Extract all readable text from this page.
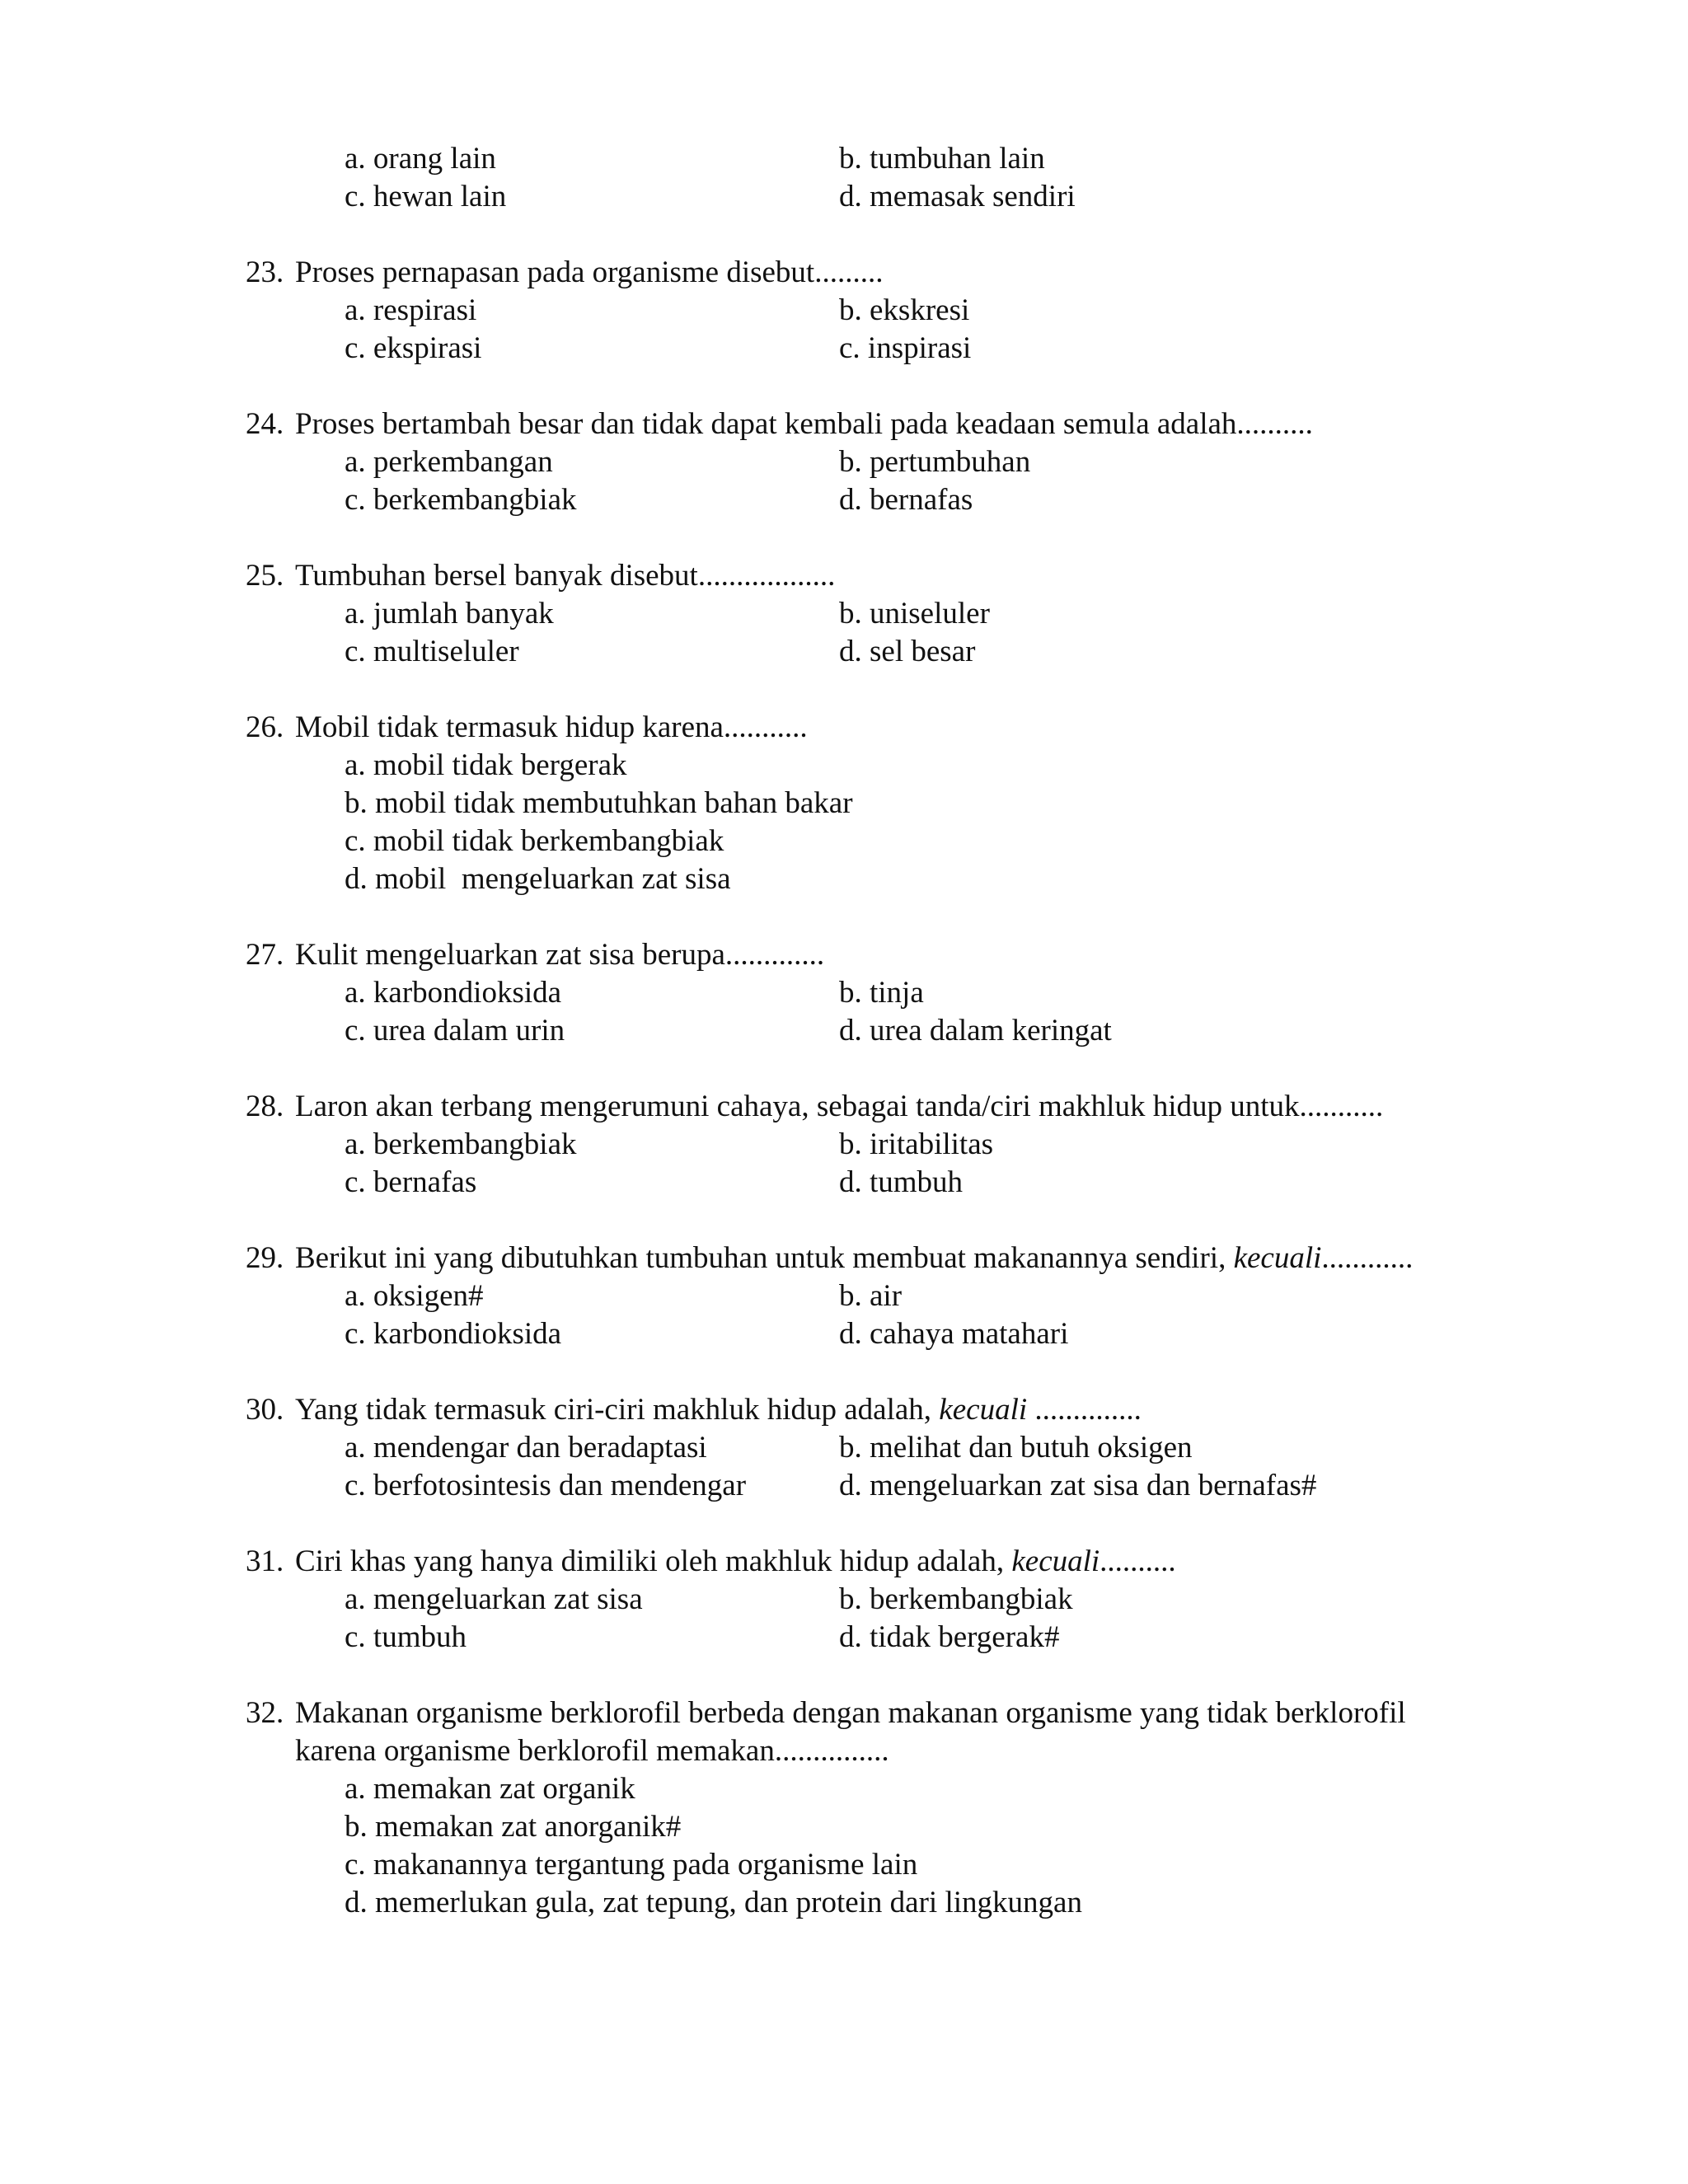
a. orang lain	b. tumbuhan lain
c. hewan lain	d. memasak sendiri
23. Proses pernapasan pada organisme disebut.........
a. respirasi	b. ekskresi
c. ekspirasi	c. inspirasi
24. Proses bertambah besar dan tidak dapat kembali pada keadaan semula adalah..........
a. perkembangan	b. pertumbuhan
c. berkembangbiak	d. bernafas
25. Tumbuhan bersel banyak disebut..................
a. jumlah banyak	b. uniseluler
c. multiseluler	d. sel besar
26. Mobil tidak termasuk hidup karena...........
a. mobil tidak bergerak
b. mobil tidak membutuhkan bahan bakar
c. mobil tidak berkembangbiak
d. mobil  mengeluarkan zat sisa
27. Kulit mengeluarkan zat sisa berupa.............
a. karbondioksida	b. tinja
c. urea dalam urin	d. urea dalam keringat
28. Laron akan terbang mengerumuni cahaya, sebagai tanda/ciri makhluk hidup untuk...........
a. berkembangbiak	b. iritabilitas
c. bernafas	d. tumbuh
29. Berikut ini yang dibutuhkan tumbuhan untuk membuat makanannya sendiri, kecuali............
a. oksigen#	b. air
c. karbondioksida	d. cahaya matahari
30. Yang tidak termasuk ciri-ciri makhluk hidup adalah, kecuali ..............
a. mendengar dan beradaptasi	b. melihat dan butuh oksigen
c. berfotosintesis dan mendengar	d. mengeluarkan zat sisa dan bernafas#
31. Ciri khas yang hanya dimiliki oleh makhluk hidup adalah, kecuali..........
a. mengeluarkan zat sisa	b. berkembangbiak
c. tumbuh	d. tidak bergerak#
32. Makanan organisme berklorofil berbeda dengan makanan organisme yang tidak berklorofil
karena organisme berklorofil memakan...............
a. memakan zat organik
b. memakan zat anorganik#
c. makanannya tergantung pada organisme lain
d. memerlukan gula, zat tepung, dan protein dari lingkungan
